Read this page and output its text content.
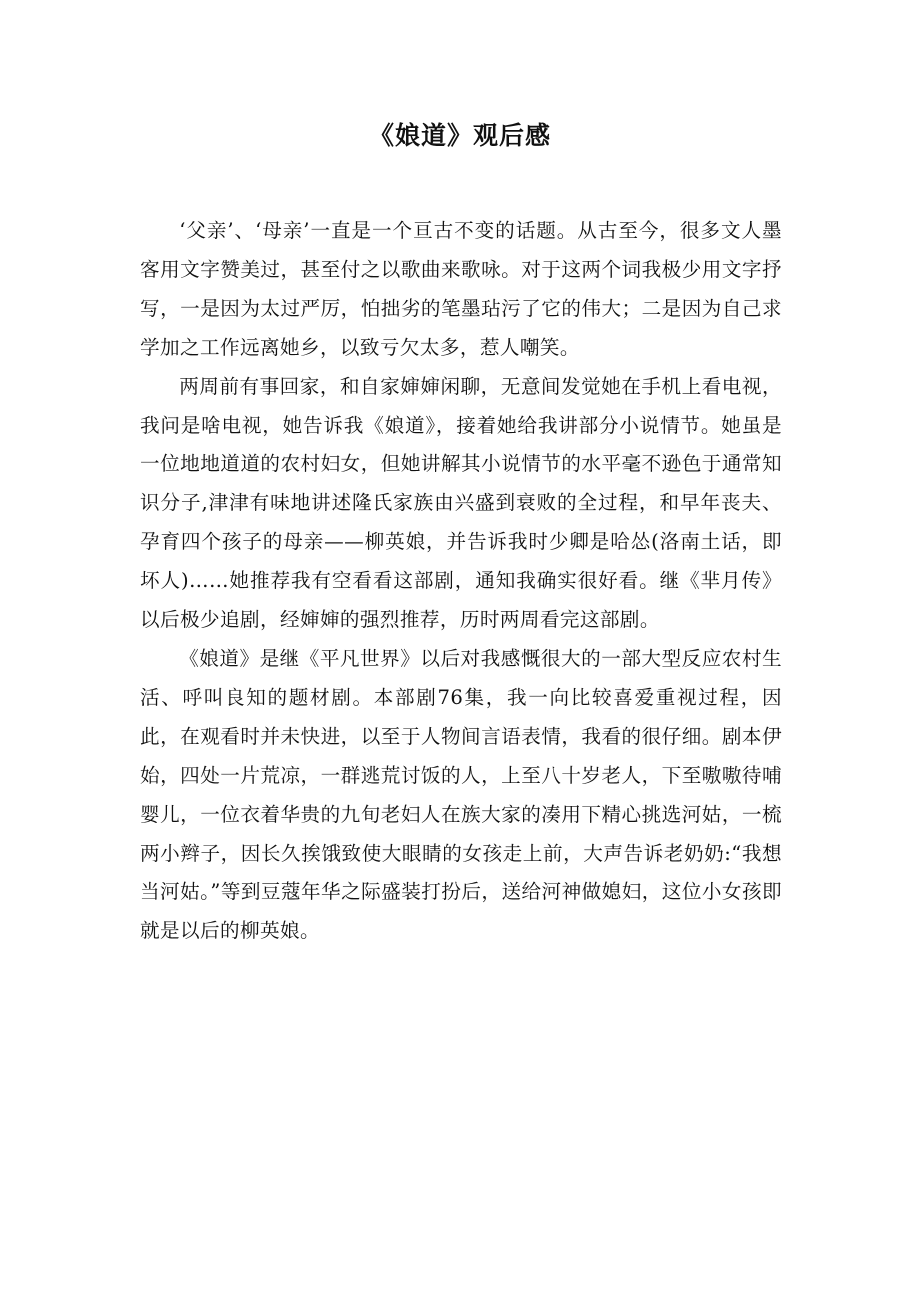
《娘道》观后感

‘父亲’、‘母亲’一直是一个亘古不变的话题。从古至今，很多文人墨客用文字赞美过，甚至付之以歌曲来歌咏。对于这两个词我极少用文字抒写，一是因为太过严厉，怕拙劣的笔墨玷污了它的伟大；二是因为自己求学加之工作远离她乡，以致亏欠太多，惹人嘲笑。

两周前有事回家，和自家婶婶闲聊，无意间发觉她在手机上看电视，我问是啥电视，她告诉我《娘道》，接着她给我讲部分小说情节。她虽是一位地地道道的农村妇女，但她讲解其小说情节的水平毫不逊色于通常知识分子,津津有味地讲述隆氏家族由兴盛到衰败的全过程，和早年丧夫、孕育四个孩子的母亲——柳英娘，并告诉我时少卿是哈怂(洛南土话，即坏人)……她推荐我有空看看这部剧，通知我确实很好看。继《芈月传》以后极少追剧，经婶婶的强烈推荐，历时两周看完这部剧。

《娘道》是继《平凡世界》以后对我感慨很大的一部大型反应农村生活、呼叫良知的题材剧。本部剧76集，我一向比较喜爱重视过程，因此，在观看时并未快进，以至于人物间言语表情，我看的很仔细。剧本伊始，四处一片荒凉，一群逃荒讨饭的人，上至八十岁老人，下至嗷嗷待哺婴儿，一位衣着华贵的九旬老妇人在族大家的凑用下精心挑选河姑，一梳两小辫子，因长久挨饿致使大眼睛的女孩走上前，大声告诉老奶奶:“我想当河姑。”等到豆蔻年华之际盛装打扮后，送给河神做媳妇，这位小女孩即就是以后的柳英娘。
